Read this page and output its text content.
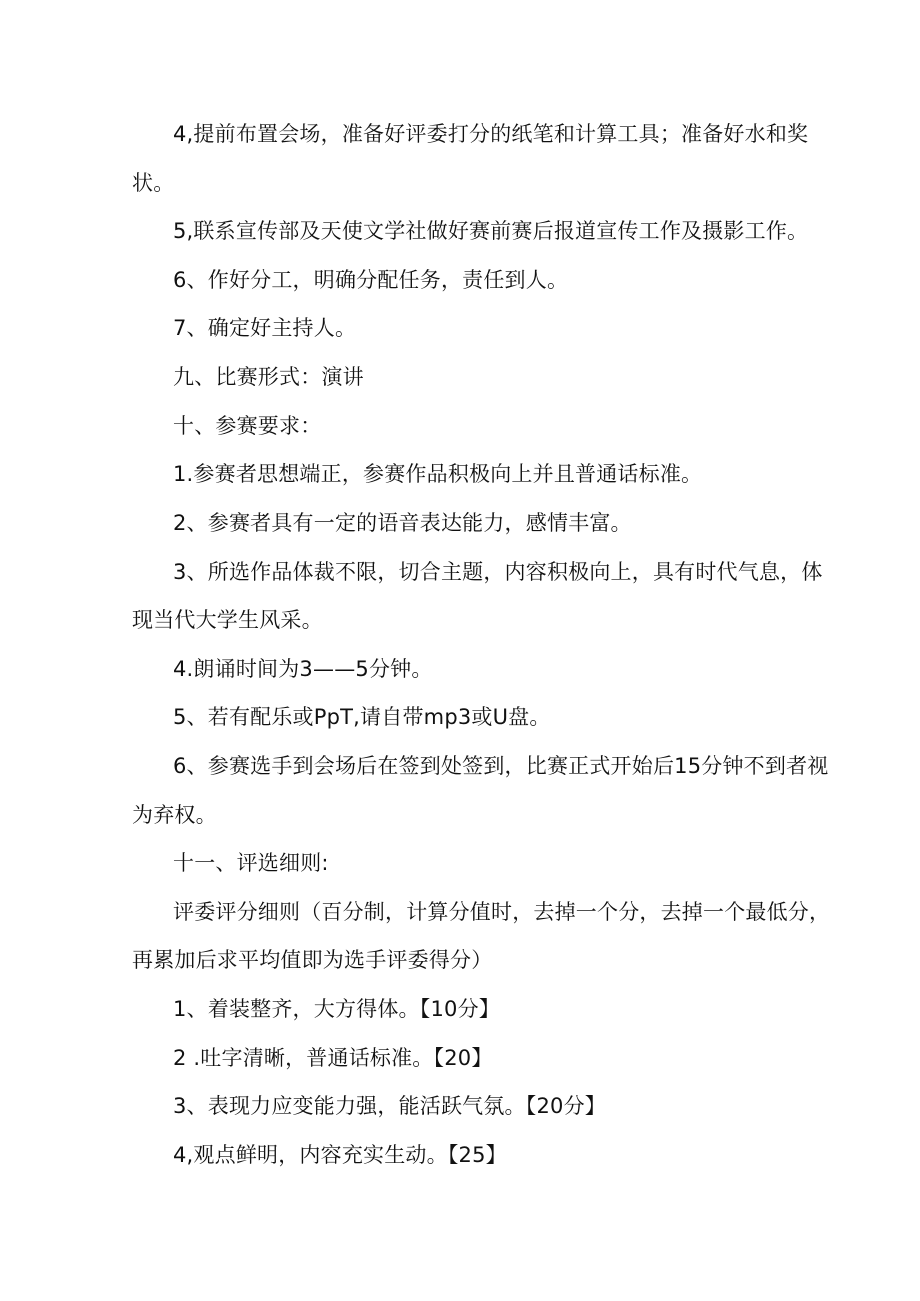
4,提前布置会场，准备好评委打分的纸笔和计算工具；准备好水和奖
状。
5,联系宣传部及天使文学社做好赛前赛后报道宣传工作及摄影工作。
6、作好分工，明确分配任务，责任到人。
7、确定好主持人。
九、比赛形式：演讲
十、参赛要求：
1.参赛者思想端正，参赛作品积极向上并且普通话标准。
2、参赛者具有一定的语音表达能力，感情丰富。
3、所选作品体裁不限，切合主题，内容积极向上，具有时代气息，体
现当代大学生风采。
4.朗诵时间为3——5分钟。
5、若有配乐或PpT,请自带mp3或U盘。
6、参赛选手到会场后在签到处签到，比赛正式开始后15分钟不到者视
为弃权。
十一、评选细则:
评委评分细则（百分制，计算分值时，去掉一个分，去掉一个最低分，
再累加后求平均值即为选手评委得分）
1、着装整齐，大方得体。【10分】
2 .吐字清晰，普通话标准。【20】
3、表现力应变能力强，能活跃气氛。【20分】
4,观点鲜明，内容充实生动。【25】
